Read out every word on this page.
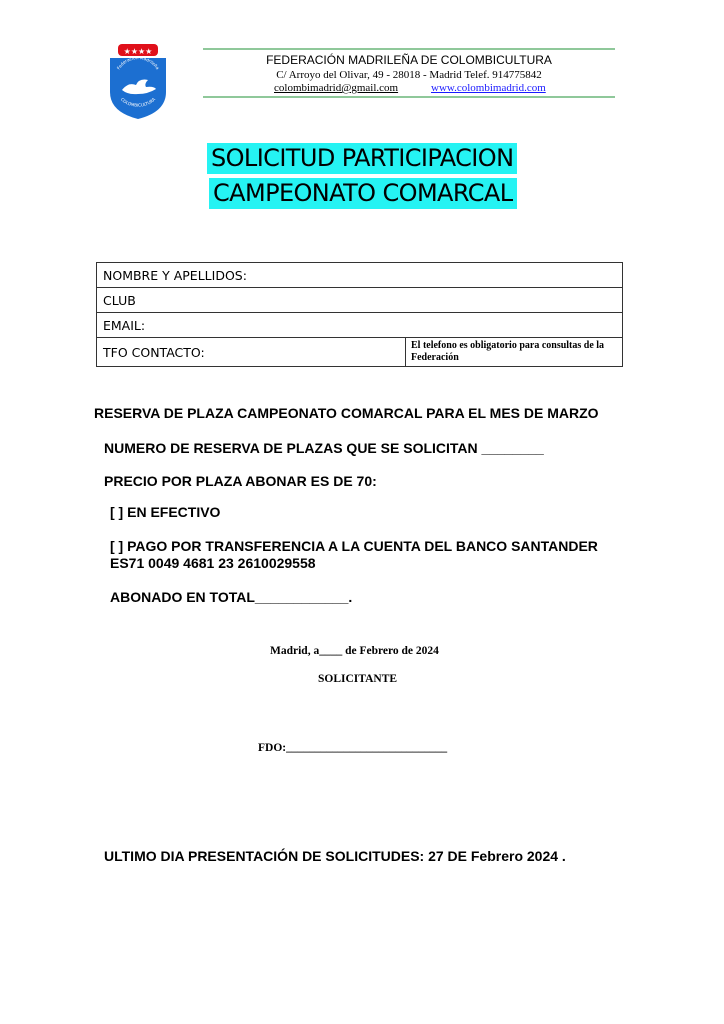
★★★★
Federación Madrileña
COLOMBICULTURA
FEDERACIÓN MADRILEÑA DE COLOMBICULTURA
C/ Arroyo del Olivar, 49 - 28018 - Madrid Telef. 914775842
colombimadrid@gmail.com	www.colombimadrid.com
SOLICITUD PARTICIPACION
CAMPEONATO COMARCAL
NOMBRE Y APELLIDOS:
CLUB
EMAIL:
TFO CONTACTO:	El telefono es obligatorio para consultas de la Federación
RESERVA DE PLAZA CAMPEONATO COMARCAL PARA EL MES DE MARZO
NUMERO DE RESERVA DE PLAZAS QUE SE SOLICITAN ________
PRECIO POR PLAZA ABONAR ES DE 70:
[ ] EN EFECTIVO
[ ] PAGO POR TRANSFERENCIA A LA CUENTA DEL BANCO SANTANDER
ES71 0049 4681 23 2610029558
ABONADO EN TOTAL____________.
Madrid, a____ de Febrero de 2024
SOLICITANTE
FDO:____________________________
ULTIMO DIA PRESENTACIÓN DE SOLICITUDES: 27 DE Febrero 2024 .
